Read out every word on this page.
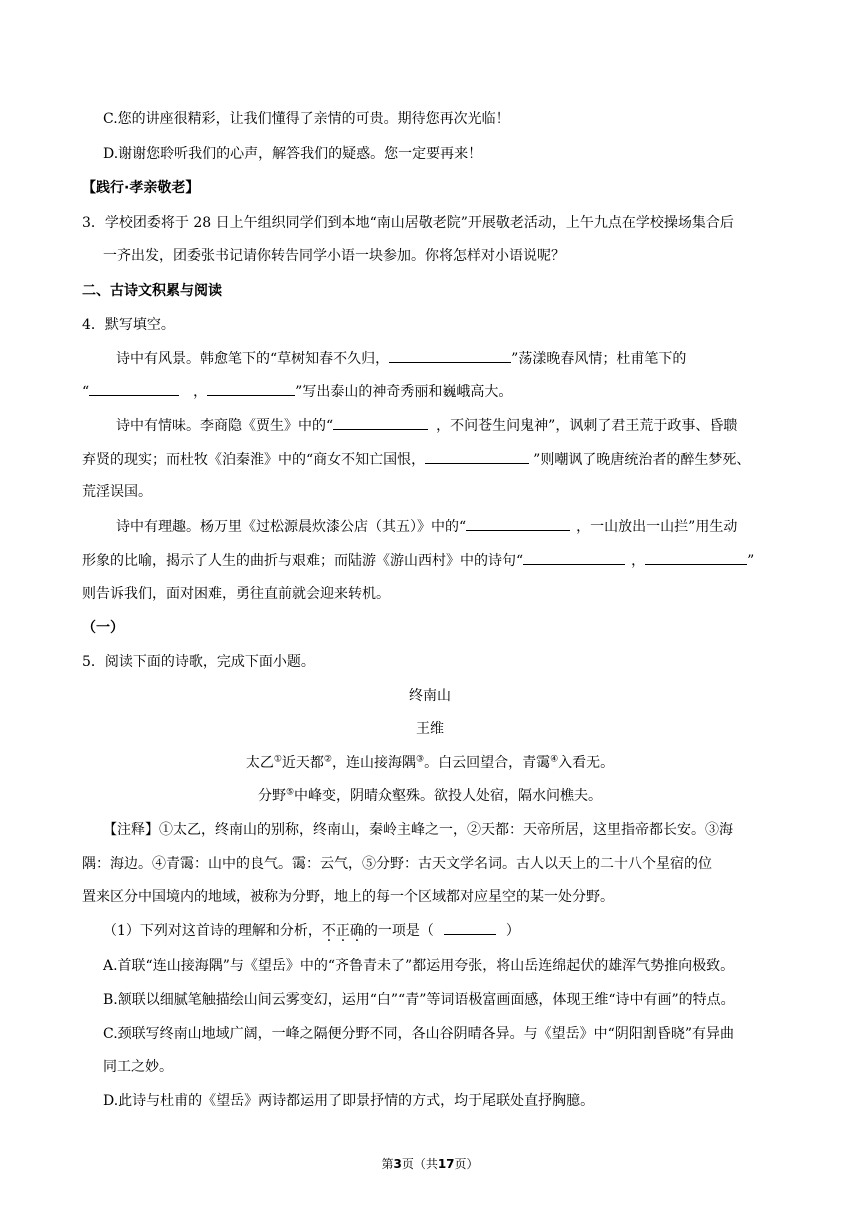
C.您的讲座很精彩，让我们懂得了亲情的可贵。期待您再次光临！
D.谢谢您聆听我们的心声，解答我们的疑惑。您一定要再来！
【践行·孝亲敬老】
3．学校团委将于 28 日上午组织同学们到本地“南山居敬老院”开展敬老活动，上午九点在学校操场集合后
一齐出发，团委张书记请你转告同学小语一块参加。你将怎样对小语说呢？
二、古诗文积累与阅读
4．默写填空。
诗中有风景。韩愈笔下的“草树知春不久归，	”荡漾晚春风情；杜甫笔下的
“	，	”写出泰山的神奇秀丽和巍峨高大。
诗中有情味。李商隐《贾生》中的“	，不问苍生问鬼神”，讽刺了君王荒于政事、昏聩
弃贤的现实；而杜牧《泊秦淮》中的“商女不知亡国恨，	”则嘲讽了晚唐统治者的醉生梦死、
荒淫误国。
诗中有理趣。杨万里《过松源晨炊漆公店（其五）》中的“	，一山放出一山拦”用生动
形象的比喻，揭示了人生的曲折与艰难；而陆游《游山西村》中的诗句“	，	”
则告诉我们，面对困难，勇往直前就会迎来转机。
（一）
5．阅读下面的诗歌，完成下面小题。
终南山
王维
太乙①近天都②，连山接海隅③。白云回望合，青霭④入看无。
分野⑤中峰变，阴晴众壑殊。欲投人处宿，隔水问樵夫。
【注释】①太乙，终南山的别称，终南山，秦岭主峰之一，②天都：天帝所居，这里指帝都长安。③海
隅：海边。④青霭：山中的良气。霭：云气，⑤分野：古天文学名词。古人以天上的二十八个星宿的位
置来区分中国境内的地域，被称为分野，地上的每一个区域都对应星空的某一处分野。
（1）下列对这首诗的理解和分析，不正确的一项是（	）
A.首联“连山接海隅”与《望岳》中的“齐鲁青未了”都运用夸张，将山岳连绵起伏的雄浑气势推向极致。
B.颔联以细腻笔触描绘山间云雾变幻，运用“白”“青”等词语极富画面感，体现王维“诗中有画”的特点。
C.颈联写终南山地域广阔，一峰之隔便分野不同，各山谷阴晴各异。与《望岳》中“阴阳割昏晓”有异曲
同工之妙。
D.此诗与杜甫的《望岳》两诗都运用了即景抒情的方式，均于尾联处直抒胸臆。
第3页（共17页）
